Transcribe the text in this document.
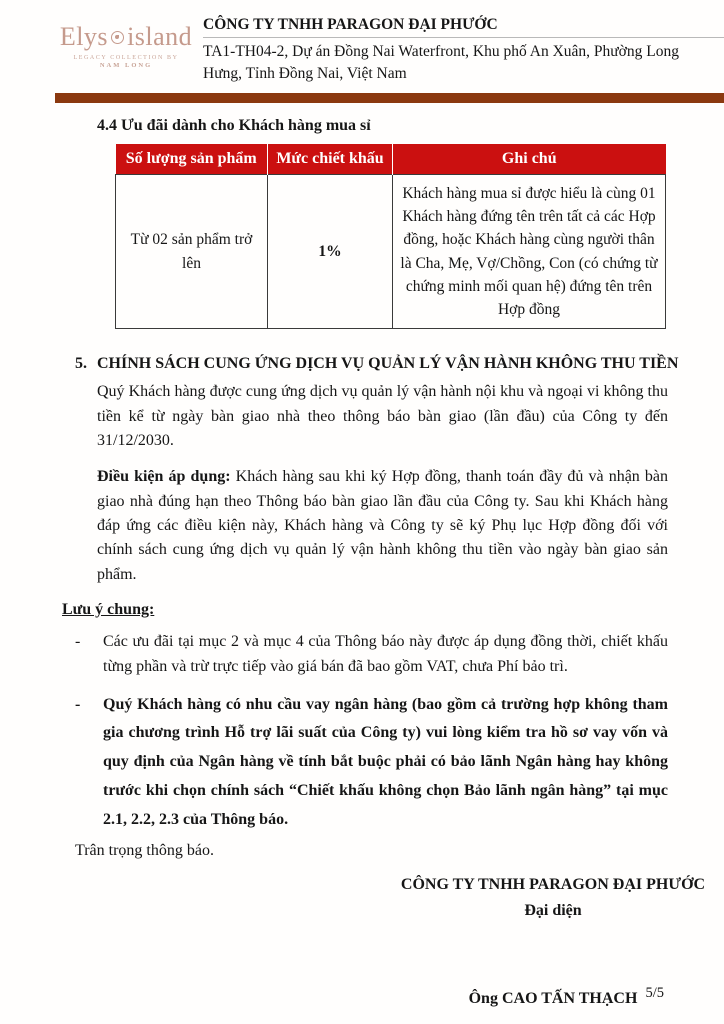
Elys island
LEGACY COLLECTION BY
NAM LONG
CÔNG TY TNHH PARAGON ĐẠI PHƯỚC
TA1-TH04-2, Dự án Đồng Nai Waterfront, Khu phố An Xuân, Phường Long Hưng, Tỉnh Đồng Nai, Việt Nam
4.4 Ưu đãi dành cho Khách hàng mua sỉ
Số lượng sản phẩm	Mức chiết khấu	Ghi chú
Từ 02 sản phẩm trở lên	1%	Khách hàng mua sỉ được hiểu là cùng 01 Khách hàng đứng tên trên tất cả các Hợp đồng, hoặc Khách hàng cùng người thân là Cha, Mẹ, Vợ/Chồng, Con (có chứng từ chứng minh mối quan hệ) đứng tên trên Hợp đồng
5. CHÍNH SÁCH CUNG ỨNG DỊCH VỤ QUẢN LÝ VẬN HÀNH KHÔNG THU TIỀN
Quý Khách hàng được cung ứng dịch vụ quản lý vận hành nội khu và ngoại vi không thu tiền kể từ ngày bàn giao nhà theo thông báo bàn giao (lần đầu) của Công ty đến 31/12/2030.
Điều kiện áp dụng: Khách hàng sau khi ký Hợp đồng, thanh toán đầy đủ và nhận bàn giao nhà đúng hạn theo Thông báo bàn giao lần đầu của Công ty. Sau khi Khách hàng đáp ứng các điều kiện này, Khách hàng và Công ty sẽ ký Phụ lục Hợp đồng đối với chính sách cung ứng dịch vụ quản lý vận hành không thu tiền vào ngày bàn giao sản phẩm.
Lưu ý chung:
-	Các ưu đãi tại mục 2 và mục 4 của Thông báo này được áp dụng đồng thời, chiết khấu từng phần và trừ trực tiếp vào giá bán đã bao gồm VAT, chưa Phí bảo trì.
-	Quý Khách hàng có nhu cầu vay ngân hàng (bao gồm cả trường hợp không tham gia chương trình Hỗ trợ lãi suất của Công ty) vui lòng kiểm tra hồ sơ vay vốn và quy định của Ngân hàng về tính bắt buộc phải có bảo lãnh Ngân hàng hay không trước khi chọn chính sách “Chiết khấu không chọn Bảo lãnh ngân hàng” tại mục 2.1, 2.2, 2.3 của Thông báo.
Trân trọng thông báo.
CÔNG TY TNHH PARAGON ĐẠI PHƯỚC
Đại diện
Ông CAO TẤN THẠCH 5/5
